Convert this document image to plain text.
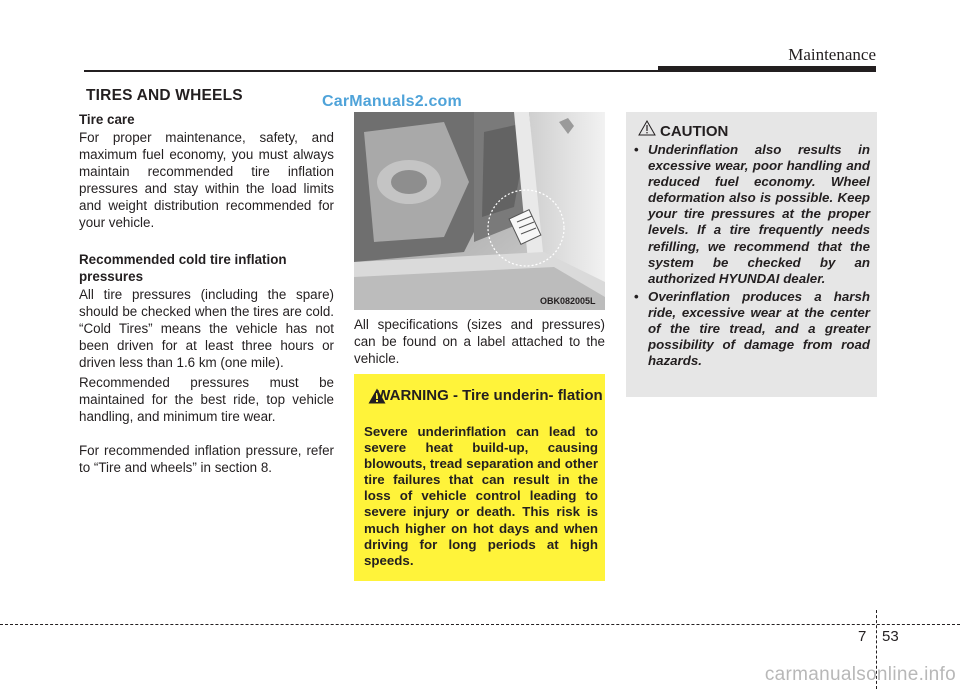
Maintenance
TIRES AND WHEELS	CarManuals2.com
Tire care
For proper maintenance, safety, and maximum fuel economy, you must always maintain recommended tire inflation pressures and stay within the load limits and weight distribution recommended for your vehicle.
Recommended cold tire inflation pressures
All tire pressures (including the spare) should be checked when the tires are cold. “Cold Tires” means the vehicle has not been driven for at least three hours or driven less than 1.6 km (one mile).
Recommended pressures must be maintained for the best ride, top vehicle handling, and minimum tire wear.
For recommended inflation pressure, refer to “Tire and wheels” in section 8.
OBK082005L
All specifications (sizes and pressures) can be found on a label attached to the vehicle.
WARNING - Tire underin- flation
Severe underinflation can lead to severe heat build-up, causing blowouts, tread separation and other tire failures that can result in the loss of vehicle control leading to severe injury or death. This risk is much higher on hot days and when driving for long periods at high speeds.
CAUTION
• Underinflation also results in excessive wear, poor handling and reduced fuel economy. Wheel deformation also is possible. Keep your tire pressures at the proper levels. If a tire frequently needs refilling, we recommend that the system be checked by an authorized HYUNDAI dealer.
• Overinflation produces a harsh ride, excessive wear at the center of the tire tread, and a greater possibility of damage from road hazards.
7 53
carmanualsonline.info
